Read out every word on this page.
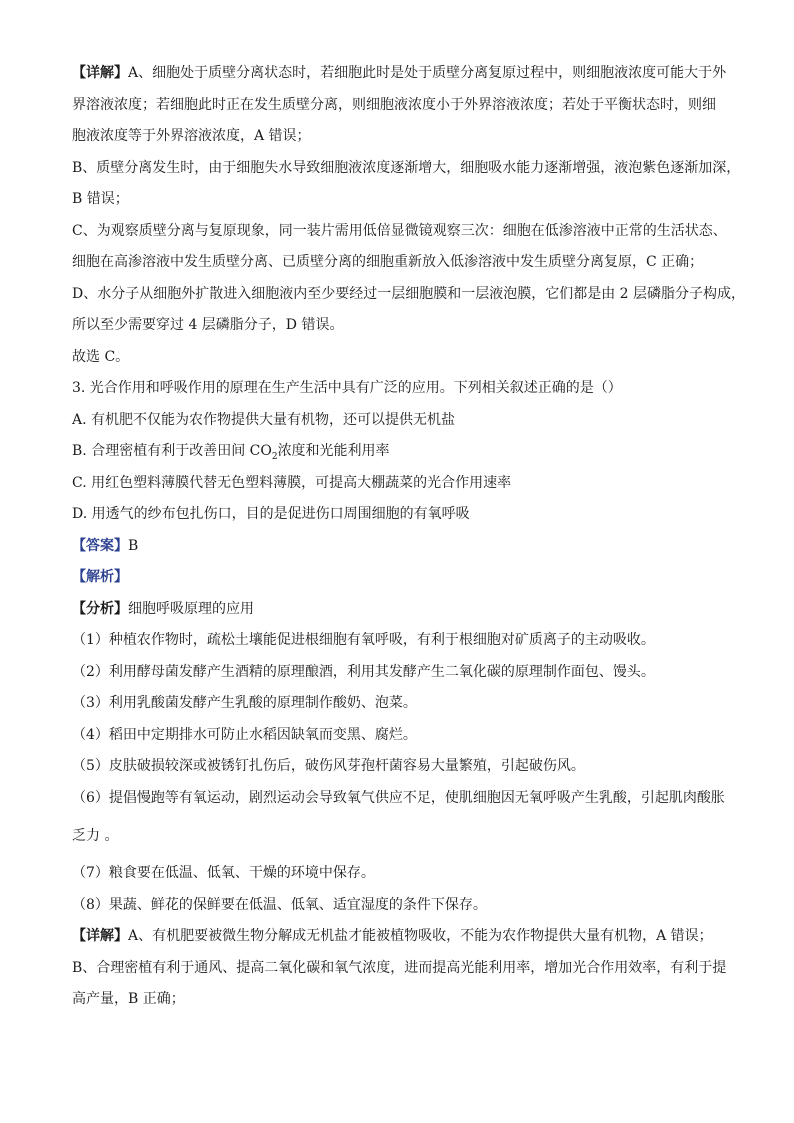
【详解】A、细胞处于质壁分离状态时，若细胞此时是处于质壁分离复原过程中，则细胞液浓度可能大于外
界溶液浓度；若细胞此时正在发生质壁分离，则细胞液浓度小于外界溶液浓度；若处于平衡状态时，则细
胞液浓度等于外界溶液浓度，A 错误；
B、质壁分离发生时，由于细胞失水导致细胞液浓度逐渐增大，细胞吸水能力逐渐增强，液泡紫色逐渐加深，
B 错误；
C、为观察质壁分离与复原现象，同一装片需用低倍显微镜观察三次：细胞在低渗溶液中正常的生活状态、
细胞在高渗溶液中发生质壁分离、已质壁分离的细胞重新放入低渗溶液中发生质壁分离复原，C 正确；
D、水分子从细胞外扩散进入细胞液内至少要经过一层细胞膜和一层液泡膜，它们都是由 2 层磷脂分子构成，
所以至少需要穿过 4 层磷脂分子，D 错误。
故选 C。
3. 光合作用和呼吸作用的原理在生产生活中具有广泛的应用。下列相关叙述正确的是（）
A. 有机肥不仅能为农作物提供大量有机物，还可以提供无机盐
B. 合理密植有利于改善田间 $CO_2$浓度和光能利用率
C. 用红色塑料薄膜代替无色塑料薄膜，可提高大棚蔬菜的光合作用速率
D. 用透气的纱布包扎伤口，目的是促进伤口周围细胞的有氧呼吸
【答案】B
【解析】
【分析】细胞呼吸原理的应用
（1）种植农作物时，疏松土壤能促进根细胞有氧呼吸，有利于根细胞对矿质离子的主动吸收。
（2）利用酵母菌发酵产生酒精的原理酿酒，利用其发酵产生二氧化碳的原理制作面包、馒头。
（3）利用乳酸菌发酵产生乳酸的原理制作酸奶、泡菜。
（4）稻田中定期排水可防止水稻因缺氧而变黑、腐烂。
（5）皮肤破损较深或被锈钉扎伤后，破伤风芽孢杆菌容易大量繁殖，引起破伤风。
（6）提倡慢跑等有氧运动，剧烈运动会导致氧气供应不足，使肌细胞因无氧呼吸产生乳酸，引起肌肉酸胀
乏力 。
（7）粮食要在低温、低氧、干燥的环境中保存。
（8）果蔬、鲜花的保鲜要在低温、低氧、适宜湿度的条件下保存。
【详解】A、有机肥要被微生物分解成无机盐才能被植物吸收，不能为农作物提供大量有机物，A 错误；
B、合理密植有利于通风、提高二氧化碳和氧气浓度，进而提高光能利用率，增加光合作用效率，有利于提
高产量，B 正确；
